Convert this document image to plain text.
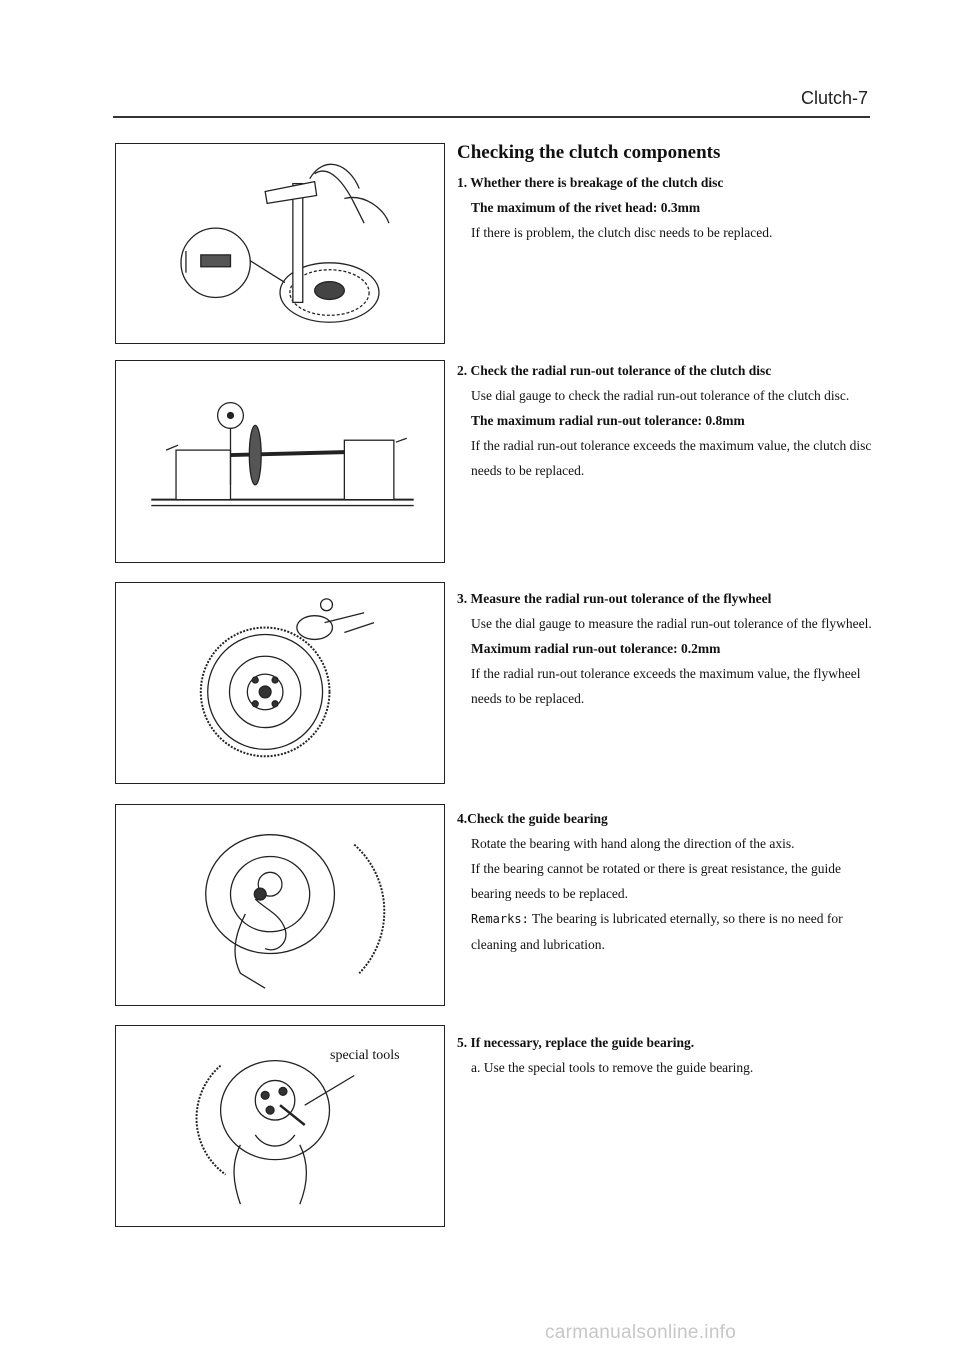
Clutch-7
Checking the clutch components
1. Whether there is breakage of the clutch disc
The maximum of the rivet head: 0.3mm
If there is problem, the clutch disc needs to be replaced.
2. Check the radial run-out tolerance of the clutch disc
Use dial gauge to check the radial run-out tolerance of the clutch disc.
The maximum radial run-out tolerance: 0.8mm
If the radial run-out tolerance exceeds the maximum value, the clutch disc needs to be replaced.
3. Measure the radial run-out tolerance of the flywheel
Use the dial gauge to measure the radial run-out tolerance of the flywheel.
Maximum radial run-out tolerance: 0.2mm
If the radial run-out tolerance exceeds the maximum value, the flywheel needs to be replaced.
4.Check the guide bearing
Rotate the bearing with hand along the direction of the axis.
If the bearing cannot be rotated or there is great resistance, the guide bearing needs to be replaced.
Remarks: The bearing is lubricated eternally, so there is no need for cleaning and lubrication.
5. If necessary, replace the guide bearing.
a. Use the special tools to remove the guide bearing.
special tools
carmanualsonline.info
